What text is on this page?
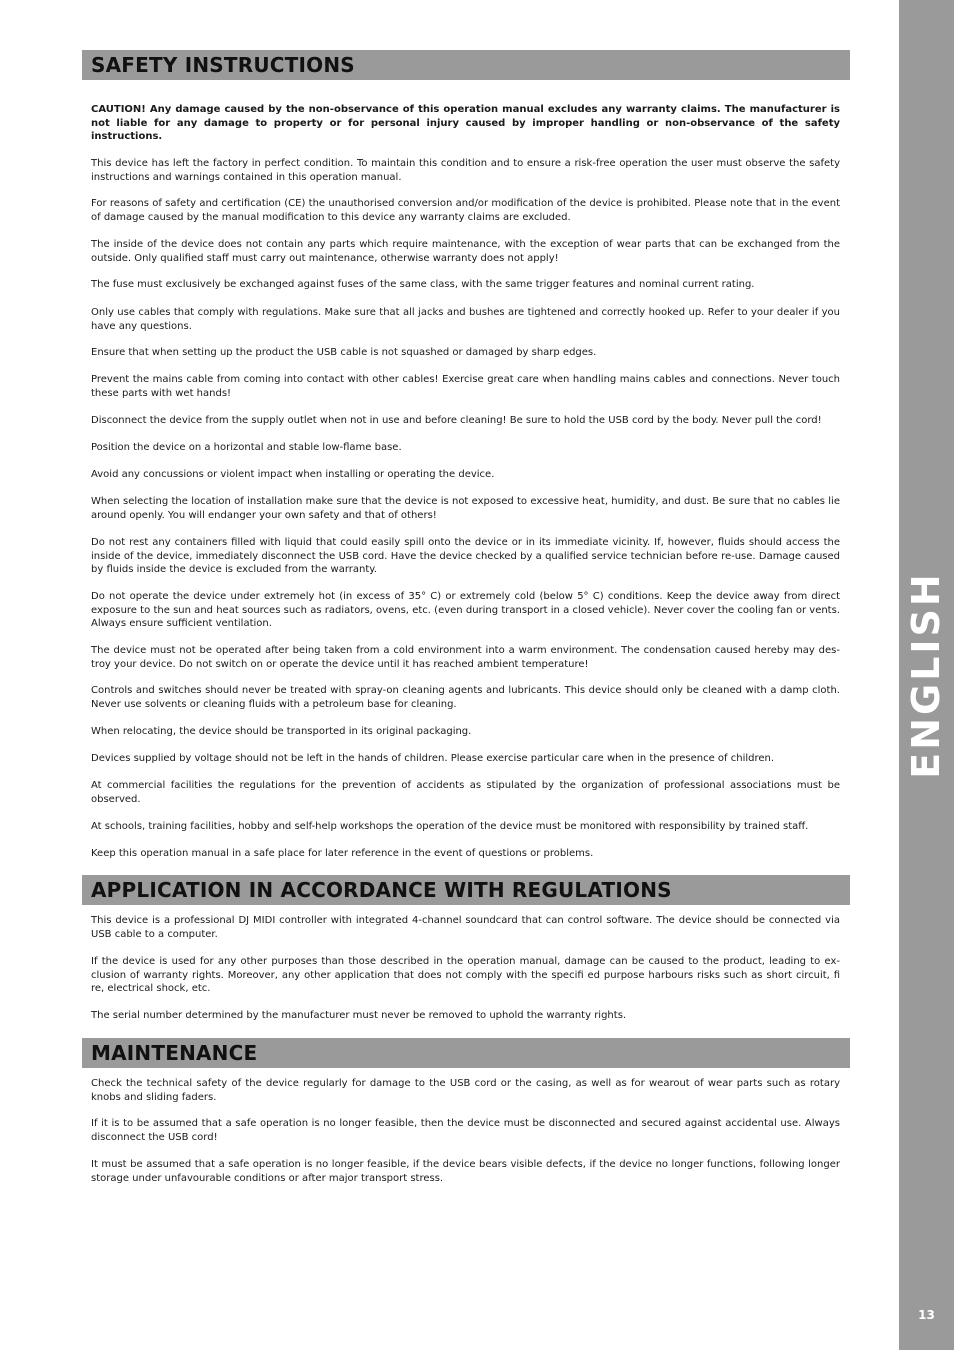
ENGLISH
13
SAFETY INSTRUCTIONS

CAUTION! Any damage caused by the non-observance of this operation manual excludes any warranty claims. The manufacturer is not liable for any damage to property or for personal injury caused by improper handling or non-observance of the safety instructions.

This device has left the factory in perfect condition. To maintain this condition and to ensure a risk-free operation the user must observe the safety instructions and warnings contained in this operation manual.

For reasons of safety and certification (CE) the unauthorised conversion and/or modification of the device is prohibited. Please note that in the event of damage caused by the manual modification to this device any warranty claims are excluded.

The inside of the device does not contain any parts which require maintenance, with the exception of wear parts that can be exchanged from the outside. Only qualified staff must carry out maintenance, otherwise warranty does not apply!

The fuse must exclusively be exchanged against fuses of the same class, with the same trigger features and nominal current rating.

Only use cables that comply with regulations. Make sure that all jacks and bushes are tightened and correctly hooked up. Refer to your dealer if you have any questions.

Ensure that when setting up the product the USB cable is not squashed or damaged by sharp edges.

Prevent the mains cable from coming into contact with other cables! Exercise great care when handling mains cables and connections. Never touch these parts with wet hands!

Disconnect the device from the supply outlet when not in use and before cleaning! Be sure to hold the USB cord by the body. Never pull the cord!

Position the device on a horizontal and stable low-flame base.

Avoid any concussions or violent impact when installing or operating the device.

When selecting the location of installation make sure that the device is not exposed to excessive heat, humidity, and dust. Be sure that no cables lie around openly. You will endanger your own safety and that of others!

Do not rest any containers filled with liquid that could easily spill onto the device or in its immediate vicinity. If, however, fluids should access the inside of the device, immediately disconnect the USB cord. Have the device checked by a qualified service technician before re-use. Damage caused by fluids inside the device is excluded from the warranty.

Do not operate the device under extremely hot (in excess of 35° C) or extremely cold (below 5° C) conditions. Keep the device away from direct exposure to the sun and heat sources such as radiators, ovens, etc. (even during transport in a closed vehicle). Never cover the cooling fan or vents. Always ensure sufficient ventilation.

The device must not be operated after being taken from a cold environment into a warm environment. The condensation caused hereby may des-troy your device. Do not switch on or operate the device until it has reached ambient temperature!

Controls and switches should never be treated with spray-on cleaning agents and lubricants. This device should only be cleaned with a damp cloth. Never use solvents or cleaning fluids with a petroleum base for cleaning.

When relocating, the device should be transported in its original packaging.

Devices supplied by voltage should not be left in the hands of children. Please exercise particular care when in the presence of children.

At commercial facilities the regulations for the prevention of accidents as stipulated by the organization of professional associations must be observed.

At schools, training facilities, hobby and self-help workshops the operation of the device must be monitored with responsibility by trained staff.

Keep this operation manual in a safe place for later reference in the event of questions or problems.

APPLICATION IN ACCORDANCE WITH REGULATIONS

This device is a professional DJ MIDI controller with integrated 4-channel soundcard that can control software. The device should be connected via USB cable to a computer.

If the device is used for any other purposes than those described in the operation manual, damage can be caused to the product, leading to ex-clusion of warranty rights. Moreover, any other application that does not comply with the specifi ed purpose harbours risks such as short circuit, fi re, electrical shock, etc.

The serial number determined by the manufacturer must never be removed to uphold the warranty rights.

MAINTENANCE

Check the technical safety of the device regularly for damage to the USB cord or the casing, as well as for wearout of wear parts such as rotary knobs and sliding faders.

If it is to be assumed that a safe operation is no longer feasible, then the device must be disconnected and secured against accidental use. Always disconnect the USB cord!

It must be assumed that a safe operation is no longer feasible, if the device bears visible defects, if the device no longer functions, following longer storage under unfavourable conditions or after major transport stress.
